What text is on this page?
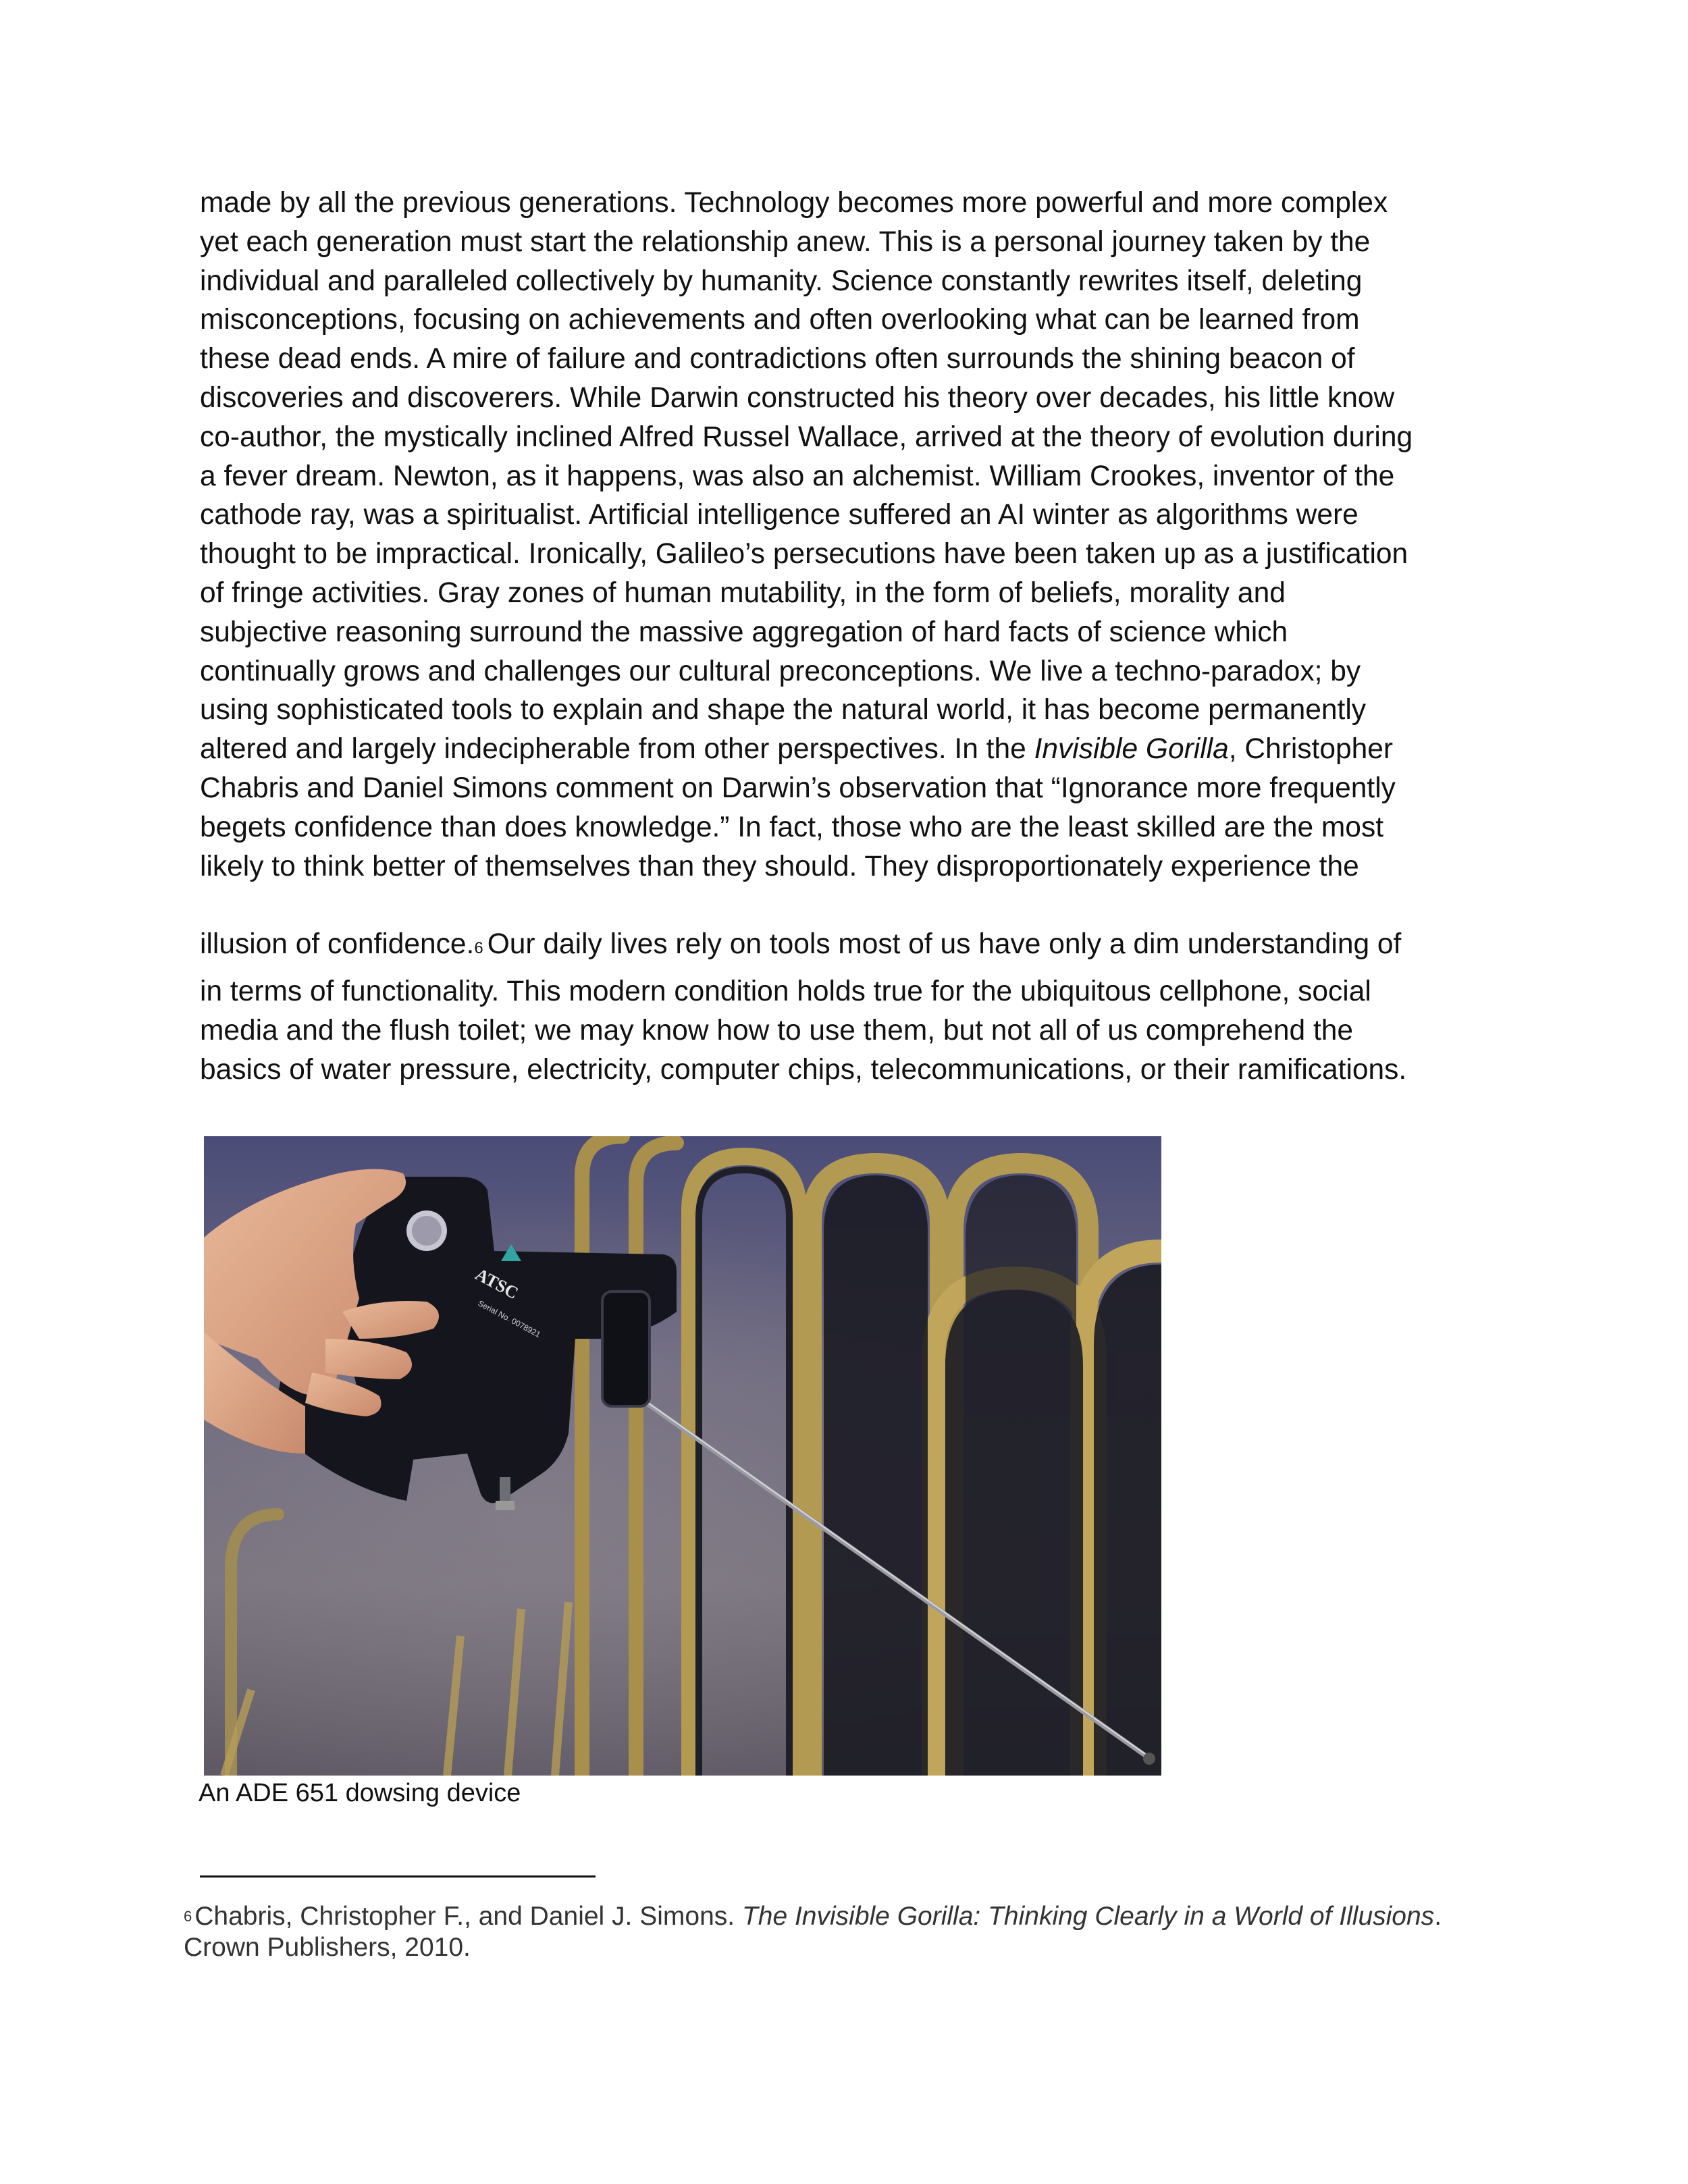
made by all the previous generations. Technology becomes more powerful and more complex
yet each generation must start the relationship anew. This is a personal journey taken by the
individual and paralleled collectively by humanity. Science constantly rewrites itself, deleting
misconceptions, focusing on achievements and often overlooking what can be learned from
these dead ends. A mire of failure and contradictions often surrounds the shining beacon of
discoveries and discoverers. While Darwin constructed his theory over decades, his little know
co-author, the mystically inclined Alfred Russel Wallace, arrived at the theory of evolution during
a fever dream. Newton, as it happens, was also an alchemist. William Crookes, inventor of the
cathode ray, was a spiritualist. Artificial intelligence suffered an AI winter as algorithms were
thought to be impractical. Ironically, Galileo’s persecutions have been taken up as a justification
of fringe activities. Gray zones of human mutability, in the form of beliefs, morality and
subjective reasoning surround the massive aggregation of hard facts of science which
continually grows and challenges our cultural preconceptions. We live a techno-paradox; by
using sophisticated tools to explain and shape the natural world, it has become permanently
altered and largely indecipherable from other perspectives. In the Invisible Gorilla, Christopher
Chabris and Daniel Simons comment on Darwin’s observation that “Ignorance more frequently
begets confidence than does knowledge.” In fact, those who are the least skilled are the most
likely to think better of themselves than they should. They disproportionately experience the
illusion of confidence.$^6$ Our daily lives rely on tools most of us have only a dim understanding of
in terms of functionality. This modern condition holds true for the ubiquitous cellphone, social
media and the flush toilet; we may know how to use them, but not all of us comprehend the
basics of water pressure, electricity, computer chips, telecommunications, or their ramifications.
ATSC
Serial No. 0078921
An ADE 651 dowsing device
$^6$ Chabris, Christopher F., and Daniel J. Simons. The Invisible Gorilla: Thinking Clearly in a World of Illusions.
Crown Publishers, 2010.
